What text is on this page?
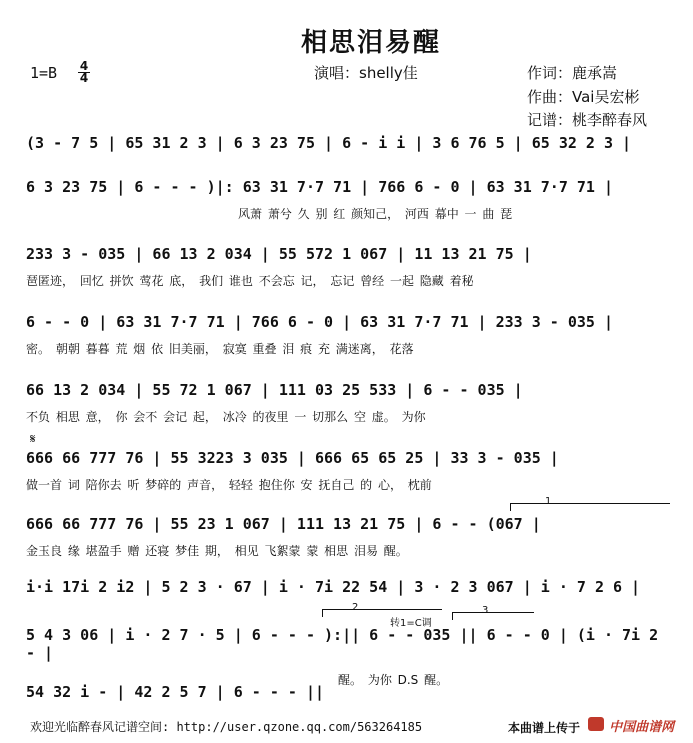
相思泪易醒
$1=B \frac{4}{4}$	演唱：shelly佳	作词：鹿承嵩
作曲：Vai吴宏彬
记谱：桃李醉春风
(3 - 7 5 | 65 31 2 3 | 6 3 23 75 | 6 - i i | 3 6 76 5 | 65 32 2 3 |
6 3 23 75 | 6 - - - )|: 63 31 7·7 71 | 766 6 - 0 | 63 31 7·7 71 |
风萧 萧兮 久 别 红 颜知己， 河西 幕中 一 曲 琵
233 3 - 035 | 66 13 2 034 | 55 572 1 067 | 11 13 21 75 |
琶匿迹， 回忆 拼饮 莺花 底， 我们 谁也 不会忘 记， 忘记 曾经 一起 隐藏 着秘
6 - - 0 | 63 31 7·7 71 | 766 6 - 0 | 63 31 7·7 71 | 233 3 - 035 |
密。 朝朝 暮暮 荒 烟 依 旧美丽， 寂寞 重叠 泪 痕 充 满迷离， 花落
66 13 2 034 | 55 72 1 067 | 111 03 25 533 | 6 - - 035 |
不负 相思 意， 你 会不 会记 起， 冰冷 的夜里 一 切那么 空 虚。 为你
𝄋
666 66 777 76 | 55 3223 3 035 | 666 65 65 25 | 33 3 - 035 |
做一首 词 陪你去 听 梦碎的 声音， 轻轻 抱住你 安 抚自己 的 心， 枕前
1
666 66 777 76 | 55 23 1 067 | 111 13 21 75 | 6 - - (067 |
金玉良 缘 堪盈手 赠 还寝 梦佳 期， 相见 飞絮蒙 蒙 相思 泪易 醒。
i·i 17i 2 i2 | 5 2 3 · 67 | i · 7i 22 54 | 3 · 2 3 067 | i · 7 2 6 |
2	3
转1=C调
5 4 3 06 | i · 2 7 · 5 | 6 - - - ):|| 6 - - 035 || 6 - - 0 | (i · 7i 2 - |
醒。 为你 D.S 醒。
54 32 i - | 42 2 5 7 | 6 - - - ||
欢迎光临醉春风记谱空间: http://user.qzone.qq.com/563264185	本曲谱上传于	中国曲谱网
